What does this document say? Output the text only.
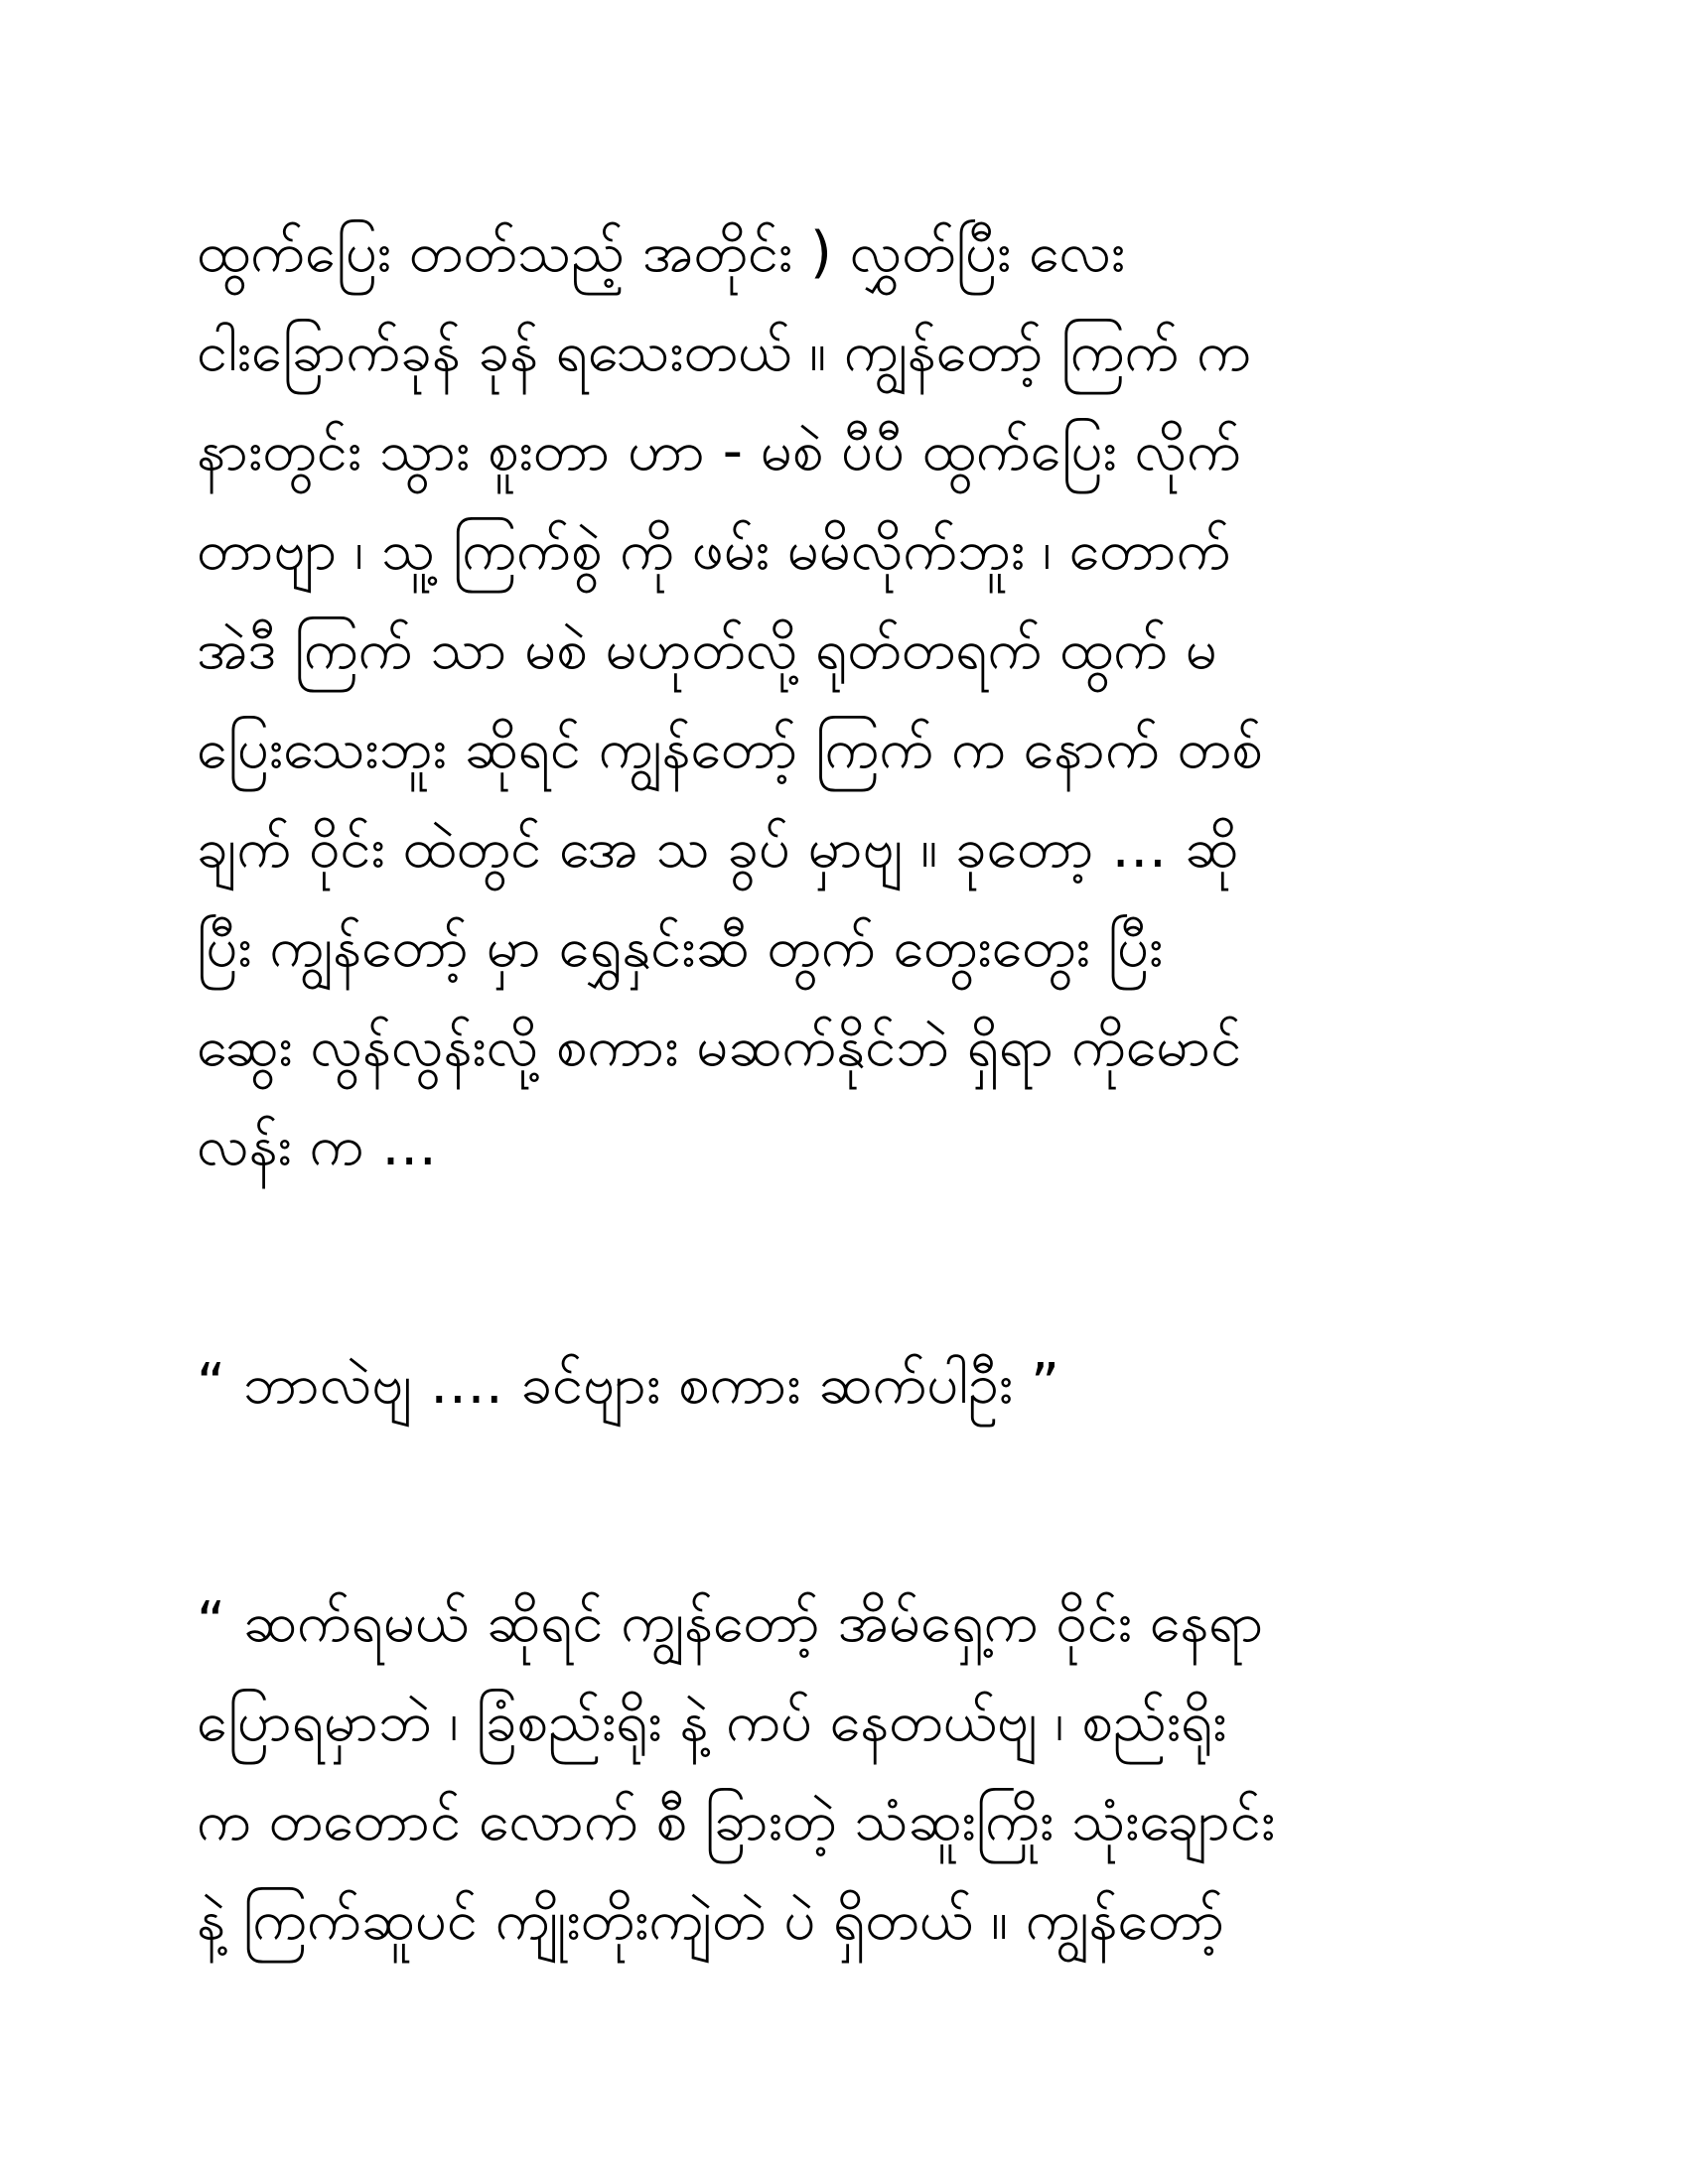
ထွက်ပြေး တတ်သည့် အတိုင်း ) လွှတ်ပြီး လေး
ငါးခြောက်ခုန် ခုန် ရသေးတယ် ။ ကျွန်တော့် ကြက် က
နားတွင်း သွား စူးတာ ဟာ - မစဲ ပီပီ ထွက်ပြေး လိုက်
တာဗျာ ၊ သူ့ ကြက်စွဲ ကို ဖမ်း မမိလိုက်ဘူး ၊ တောက်
အဲဒီ ကြက် သာ မစဲ မဟုတ်လို့ ရုတ်တရက် ထွက် မ
ပြေးသေးဘူး ဆိုရင် ကျွန်တော့် ကြက် က နောက် တစ်
ချက် ဝိုင်း ထဲတွင် အေ သ ခွပ် မှာဗျ ။ ခုတော့ … ဆို
ပြီး ကျွန်တော့် မှာ ရွှေနှင်းဆီ တွက် တွေးတွေး ပြီး
ဆွေး လွန်လွန်းလို့ စကား မဆက်နိုင်ဘဲ ရှိရာ ကိုမောင်
လန်း က …
“ ဘာလဲဗျ …. ခင်ဗျား စကား ဆက်ပါဦး ”
“ ဆက်ရမယ် ဆိုရင် ကျွန်တော့် အိမ်ရှေ့က ဝိုင်း နေရာ
ပြောရမှာဘဲ ၊ ခြံစည်းရိုး နဲ့ ကပ် နေတယ်ဗျ ၊ စည်းရိုး
က တတောင် လောက် စီ ခြားတဲ့ သံဆူးကြိုး သုံးချောင်း
နဲ့ ကြက်ဆူပင် ကျိုးတိုးကျဲတဲ ပဲ ရှိတယ် ။ ကျွန်တော့်
